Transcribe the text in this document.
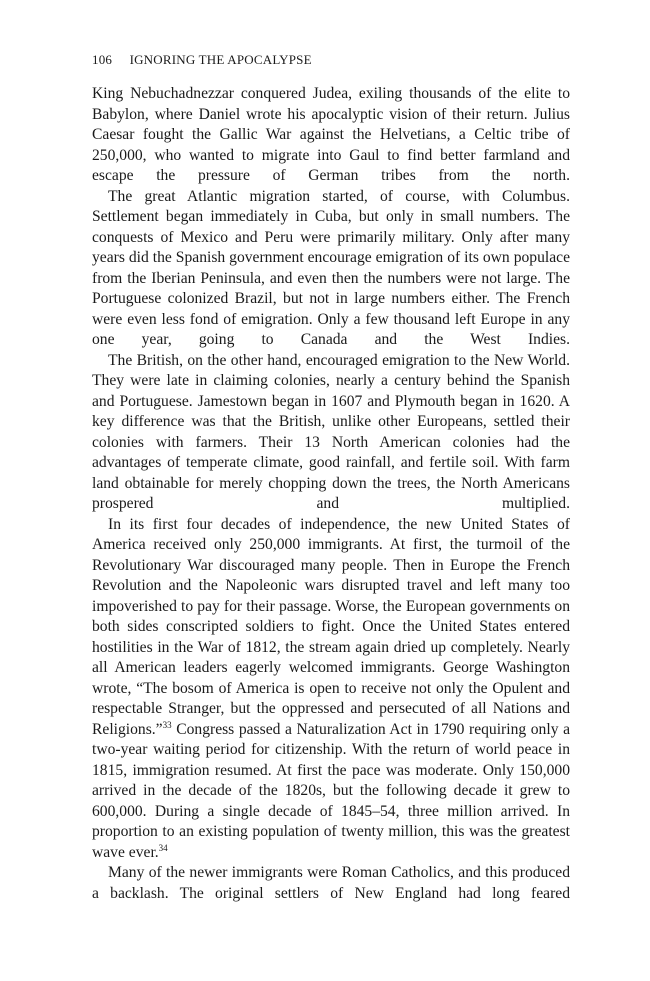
106 IGNORING THE APOCALYPSE

King Nebuchadnezzar conquered Judea, exiling thousands of the elite to Babylon, where Daniel wrote his apocalyptic vision of their return. Julius Caesar fought the Gallic War against the Helvetians, a Celtic tribe of 250,000, who wanted to migrate into Gaul to find better farmland and escape the pressure of German tribes from the north.

The great Atlantic migration started, of course, with Columbus. Settlement began immediately in Cuba, but only in small numbers. The conquests of Mexico and Peru were primarily military. Only after many years did the Spanish government encourage emigration of its own populace from the Iberian Peninsula, and even then the numbers were not large. The Portuguese colonized Brazil, but not in large numbers either. The French were even less fond of emigration. Only a few thousand left Europe in any one year, going to Canada and the West Indies.

The British, on the other hand, encouraged emigration to the New World. They were late in claiming colonies, nearly a century behind the Spanish and Portuguese. Jamestown began in 1607 and Plymouth began in 1620. A key difference was that the British, unlike other Europeans, settled their colonies with farmers. Their 13 North American colonies had the advantages of temperate climate, good rainfall, and fertile soil. With farm land obtainable for merely chopping down the trees, the North Americans prospered and multiplied.

In its first four decades of independence, the new United States of America received only 250,000 immigrants. At first, the turmoil of the Revolutionary War discouraged many people. Then in Europe the French Revolution and the Napoleonic wars disrupted travel and left many too impoverished to pay for their passage. Worse, the European governments on both sides conscripted soldiers to fight. Once the United States entered hostilities in the War of 1812, the stream again dried up completely. Nearly all American leaders eagerly welcomed immigrants. George Washington wrote, “The bosom of America is open to receive not only the Opulent and respectable Stranger, but the oppressed and persecuted of all Nations and Religions.”$^{33}$ Congress passed a Naturalization Act in 1790 requiring only a two-year waiting period for citizenship. With the return of world peace in 1815, immigration resumed. At first the pace was moderate. Only 150,000 arrived in the decade of the 1820s, but the following decade it grew to 600,000. During a single decade of 1845–54, three million arrived. In proportion to an existing population of twenty million, this was the greatest wave ever.$^{34}$

Many of the newer immigrants were Roman Catholics, and this produced a backlash. The original settlers of New England had long feared
